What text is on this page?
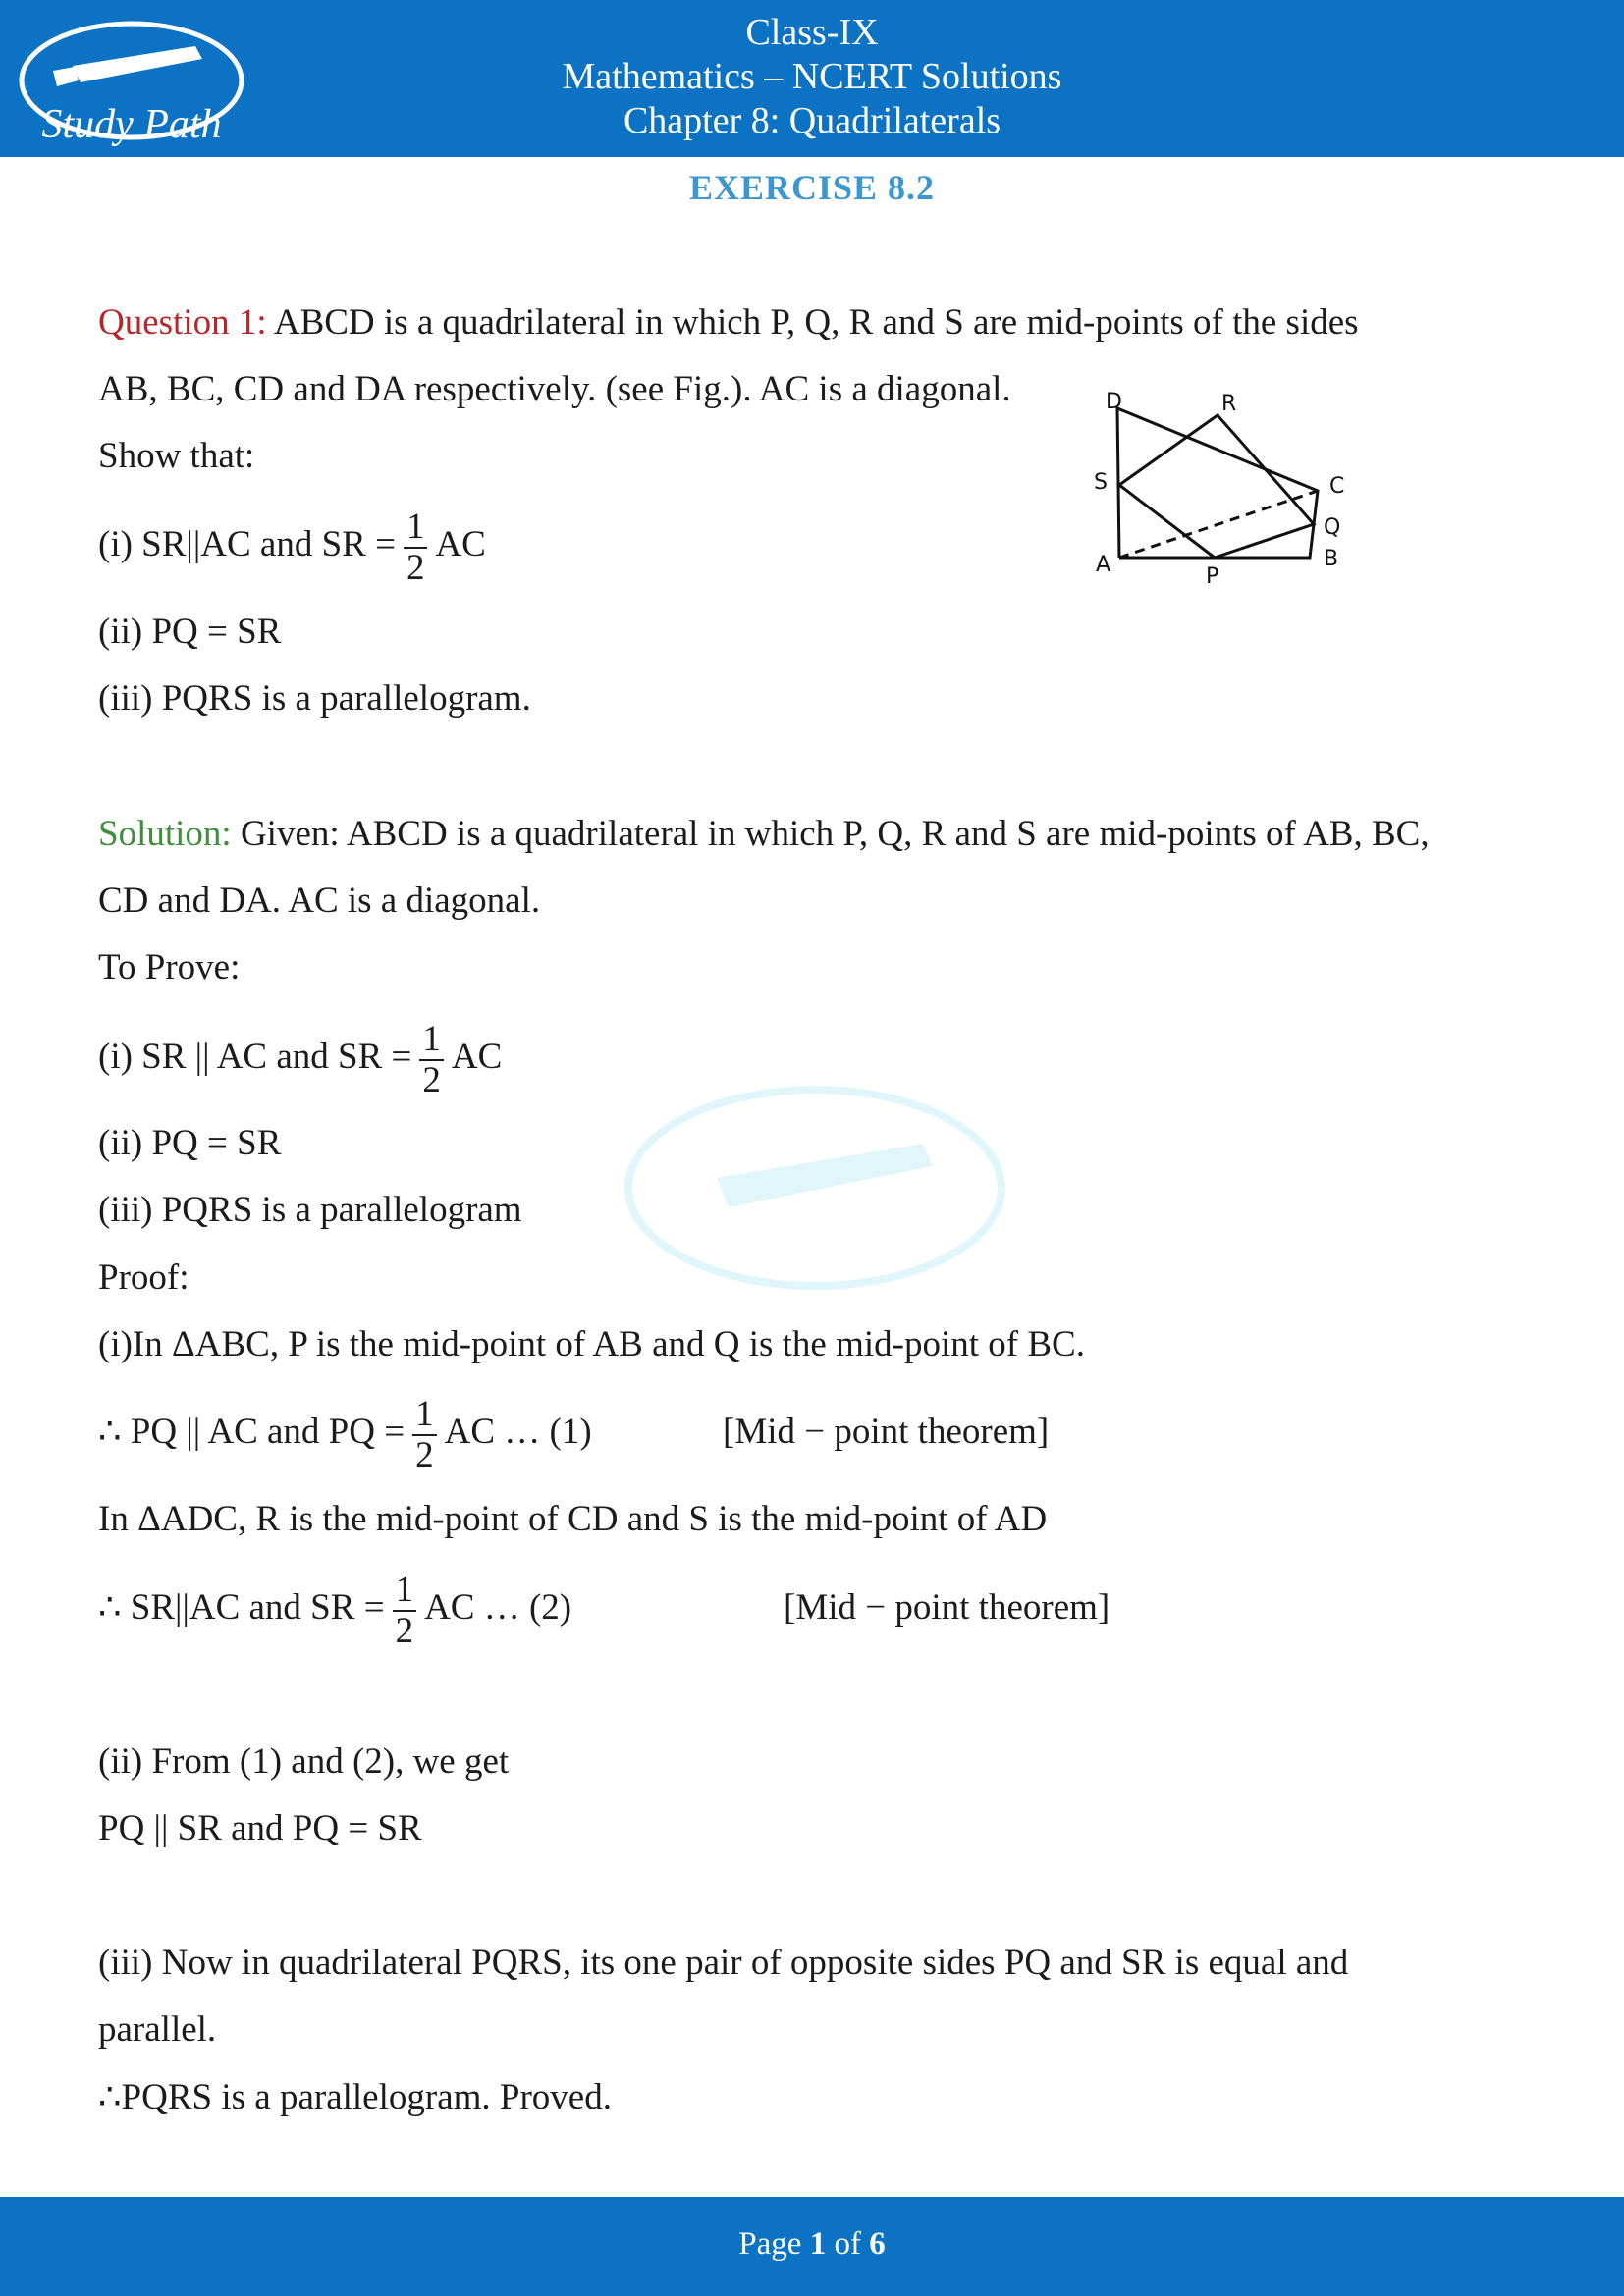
Study Path
Class-IX
Mathematics – NCERT Solutions
Chapter 8: Quadrilaterals
EXERCISE 8.2
Question 1: ABCD is a quadrilateral in which P, Q, R and S are mid-points of the sides
AB, BC, CD and DA respectively. (see Fig.). AC is a diagonal.
Show that:
(i) SR||AC and SR = $\frac{1}{2}$ AC
(ii) PQ = SR
(iii) PQRS is a parallelogram.
A	B
C
D
P
Q
R
S
Solution: Given: ABCD is a quadrilateral in which P, Q, R and S are mid-points of AB, BC,
CD and DA. AC is a diagonal.
To Prove:
(i) SR || AC and SR = $\frac{1}{2}$ AC
(ii) PQ = SR
(iii) PQRS is a parallelogram
Proof:
(i)In ΔABC, P is the mid-point of AB and Q is the mid-point of BC.
∴ PQ || AC and PQ = $\frac{1}{2}$ AC … (1)	[Mid − point theorem]
In ΔADC, R is the mid-point of CD and S is the mid-point of AD
∴ SR||AC and SR = $\frac{1}{2}$ AC … (2)	[Mid − point theorem]
(ii) From (1) and (2), we get
PQ || SR and PQ = SR
(iii) Now in quadrilateral PQRS, its one pair of opposite sides PQ and SR is equal and
parallel.
∴PQRS is a parallelogram. Proved.
Page 1 of 6
